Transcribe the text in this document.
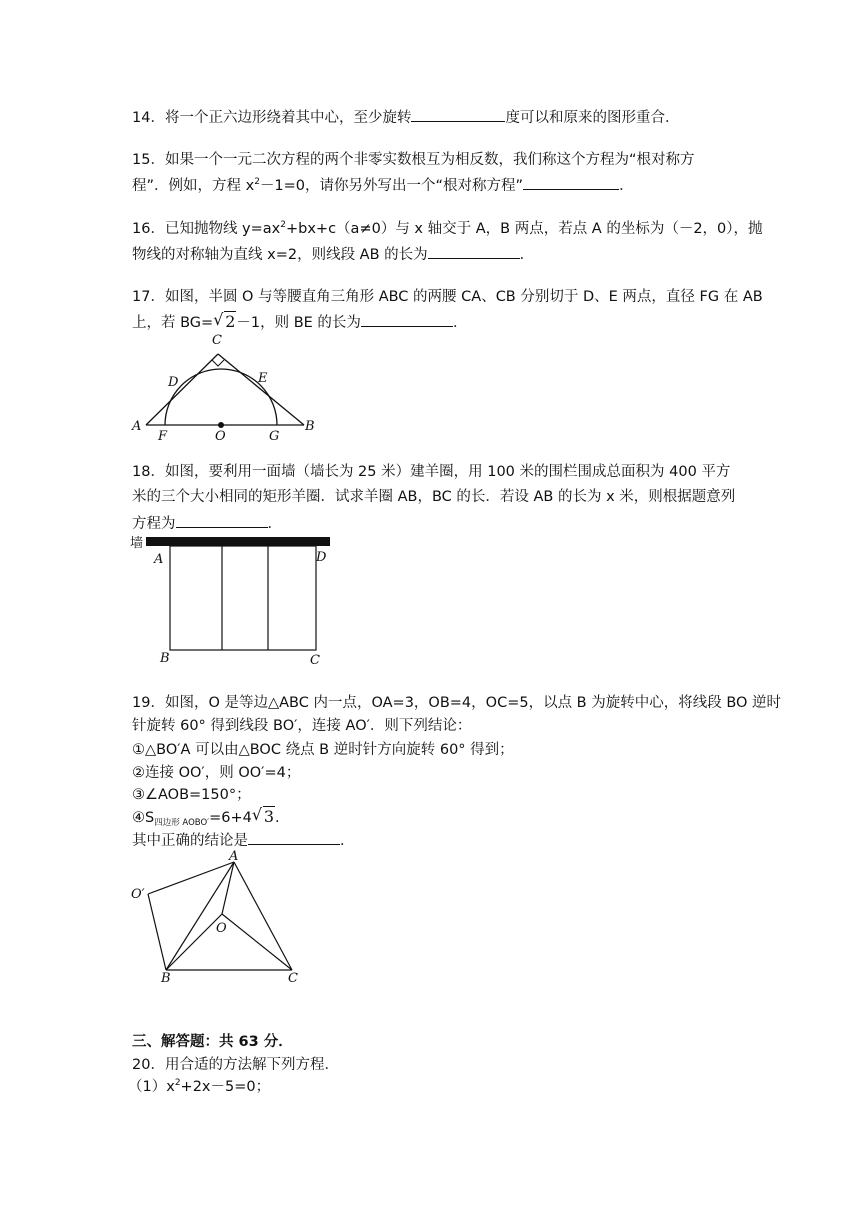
14．将一个正六边形绕着其中心，至少旋转	度可以和原来的图形重合．
15．如果一个一元二次方程的两个非零实数根互为相反数，我们称这个方程为“根对称方
程”．例如，方程 $x^2-1=0$，请你另外写出一个“根对称方程”	．
16．已知抛物线 $y=ax^2+bx+c(a\ne 0)$与 x 轴交于 A，B 两点，若点 A 的坐标为（－2，0），抛
物线的对称轴为直线 x=2，则线段 AB 的长为	．
17．如图，半圆 O 与等腰直角三角形 ABC 的两腰 CA、CB 分别切于 D、E 两点，直径 FG 在 AB
上，若 BG= √ 2－1，则 BE 的长为	．
C
D	E
A
F	O	G
B
18．如图，要利用一面墙（墙长为 25 米）建羊圈，用 100 米的围栏围成总面积为 400 平方
米的三个大小相同的矩形羊圈．试求羊圈 AB，BC 的长．若设 AB 的长为 x 米，则根据题意列
方程为	．
墙
A	D
B	C
19．如图，O 是等边△ABC 内一点，OA=3，OB=4，OC=5，以点 B 为旋转中心，将线段 BO 逆时
针旋转 60° 得到线段 BO′，连接 AO′．则下列结论：
①△BO′A 可以由△BOC 绕点 B 逆时针方向旋转 60° 得到；
②连接 OO′，则 OO′=4；
③∠AOB=150°；
$④S_{四边形 AOBO'}=6+4$ √ 3.
其中正确的结论是	．
A
O′
O
B	C
三、解答题：共 63 分．
20．用合适的方法解下列方程．
$(1)x^2+2x-5=0$；
